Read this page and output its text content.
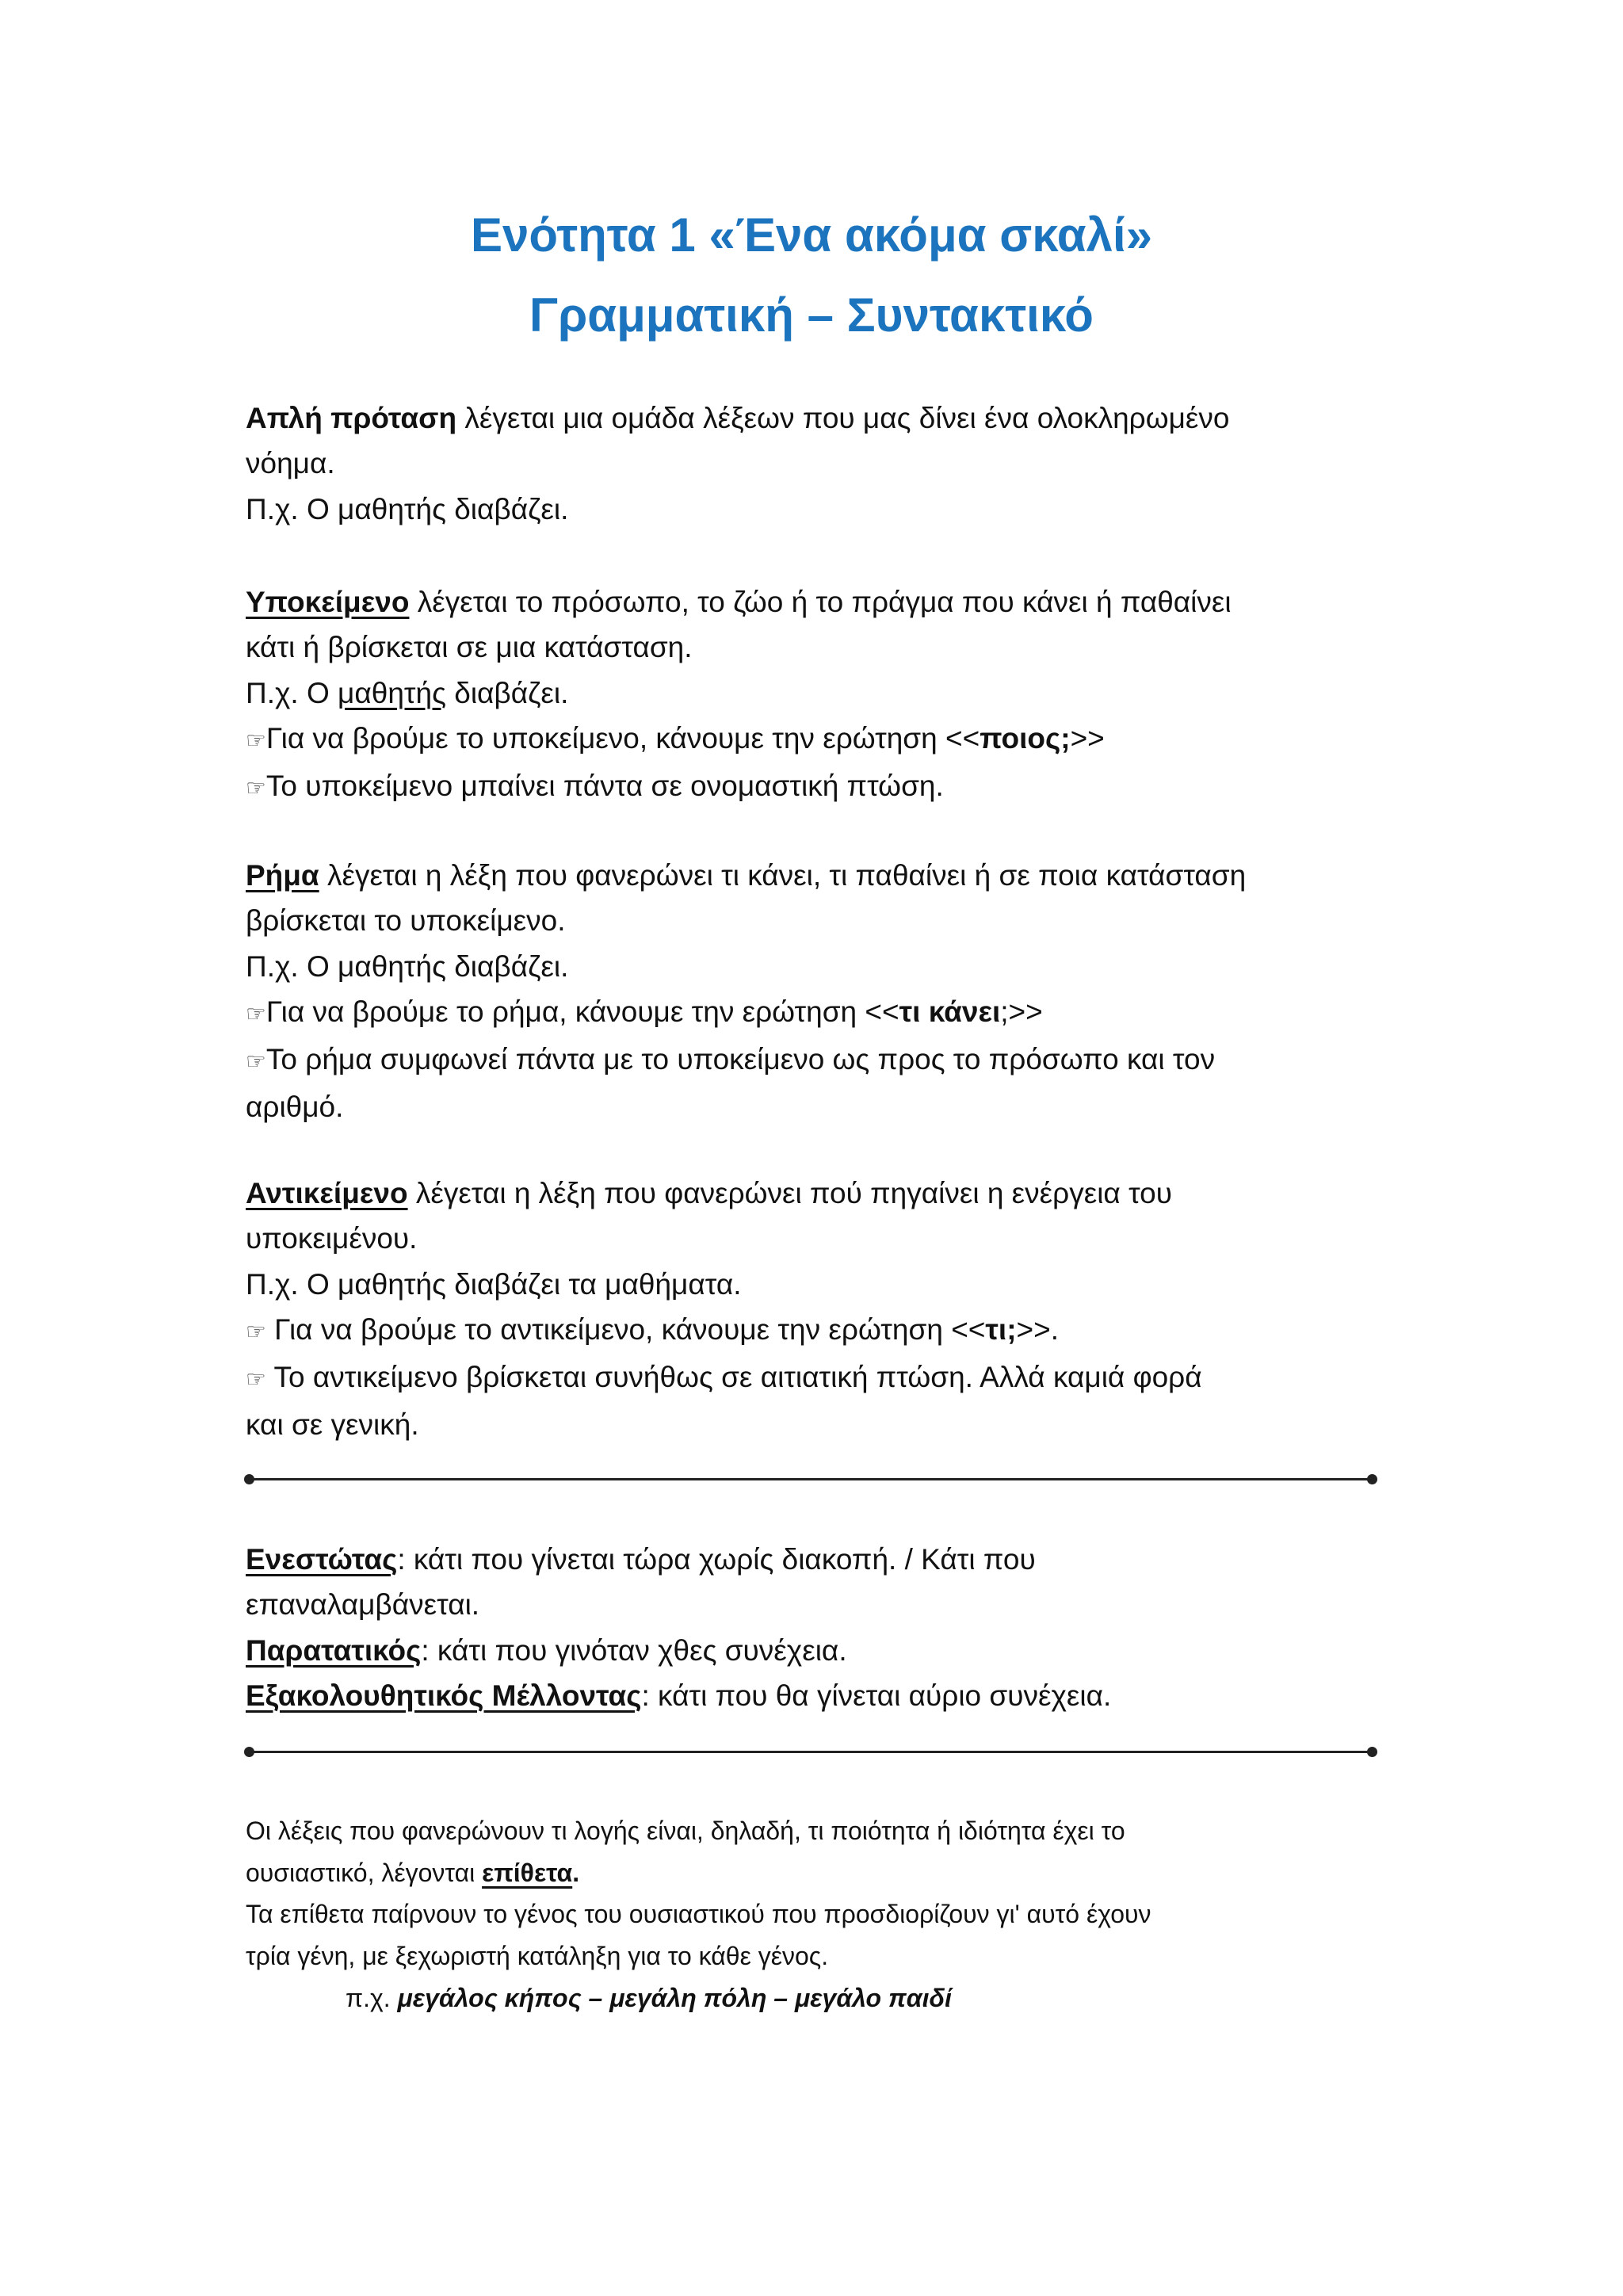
Ενότητα 1 «Ένα ακόμα σκαλί»
Γραμματική – Συντακτικό
Απλή πρόταση λέγεται μια ομάδα λέξεων που μας δίνει ένα ολοκληρωμένο
νόημα.
Π.χ. Ο μαθητής διαβάζει.
Υποκείμενο λέγεται το πρόσωπο, το ζώο ή το πράγμα που κάνει ή παθαίνει
κάτι ή βρίσκεται σε μια κατάσταση.
Π.χ. Ο μαθητής διαβάζει.
☞ Για να βρούμε το υποκείμενο, κάνουμε την ερώτηση <<ποιος;>>
☞ Το υποκείμενο μπαίνει πάντα σε ονομαστική πτώση.
Ρήμα λέγεται η λέξη που φανερώνει τι κάνει, τι παθαίνει ή σε ποια κατάσταση
βρίσκεται το υποκείμενο.
Π.χ. Ο μαθητής διαβάζει.
☞ Για να βρούμε το ρήμα, κάνουμε την ερώτηση <<τι κάνει;>>
☞ Το ρήμα συμφωνεί πάντα με το υποκείμενο ως προς το πρόσωπο και τον
αριθμό.
Αντικείμενο λέγεται η λέξη που φανερώνει πού πηγαίνει η ενέργεια του
υποκειμένου.
Π.χ. Ο μαθητής διαβάζει τα μαθήματα.
☞ Για να βρούμε το αντικείμενο, κάνουμε την ερώτηση <<τι;>>.
☞ Το αντικείμενο βρίσκεται συνήθως σε αιτιατική πτώση. Αλλά καμιά φορά
και σε γενική.
Ενεστώτας: κάτι που γίνεται τώρα χωρίς διακοπή. / Κάτι που
επαναλαμβάνεται.
Παρατατικός: κάτι που γινόταν χθες συνέχεια.
Εξακολουθητικός Μέλλοντας: κάτι που θα γίνεται αύριο συνέχεια.
Οι λέξεις που φανερώνουν τι λογής είναι, δηλαδή, τι ποιότητα ή ιδιότητα έχει το
ουσιαστικό, λέγονται επίθετα.
Τα επίθετα παίρνουν το γένος του ουσιαστικού που προσδιορίζουν γι' αυτό έχουν
τρία γένη, με ξεχωριστή κατάληξη για το κάθε γένος.
π.χ. μεγάλος κήπος – μεγάλη πόλη – μεγάλο παιδί
